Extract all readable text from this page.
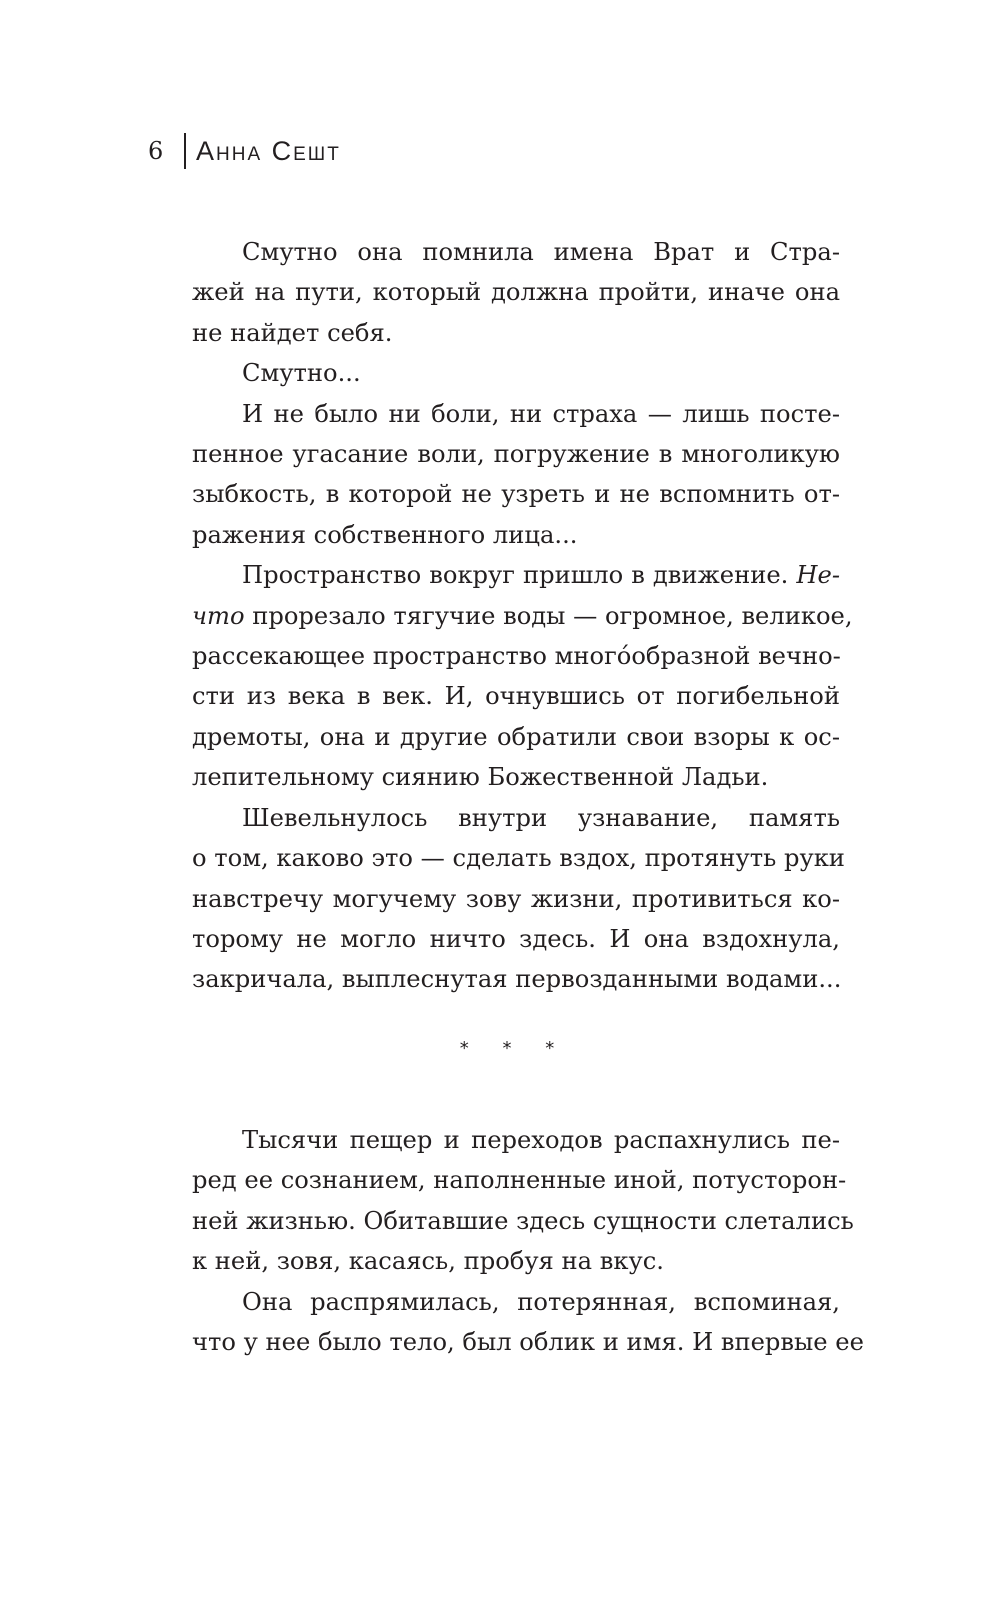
6	Анна Сешт

Смутно она помнила имена Врат и Стра-
жей на пути, который должна пройти, иначе она
не найдет себя.

Смутно...

И не было ни боли, ни страха — лишь посте-
пенное угасание воли, погружение в многоликую
зыбкость, в которой не узреть и не вспомнить от-
ражения собственного лица...

Пространство вокруг пришло в движение. Не-
что прорезало тягучие воды — огромное, великое,
рассекающее пространство многóобразной вечно-
сти из века в век. И, очнувшись от погибельной
дремоты, она и другие обратили свои взоры к ос-
лепительному сиянию Божественной Ладьи.

Шевельнулось внутри узнавание, память
о том, каково это — сделать вздох, протянуть руки
навстречу могучему зову жизни, противиться ко-
торому не могло ничто здесь. И она вздохнула,
закричала, выплеснутая первозданными водами...

* * *

Тысячи пещер и переходов распахнулись пе-
ред ее сознанием, наполненные иной, потусторон-
ней жизнью. Обитавшие здесь сущности слетались
к ней, зовя, касаясь, пробуя на вкус.

Она распрямилась, потерянная, вспоминая,
что у нее было тело, был облик и имя. И впервые ее
